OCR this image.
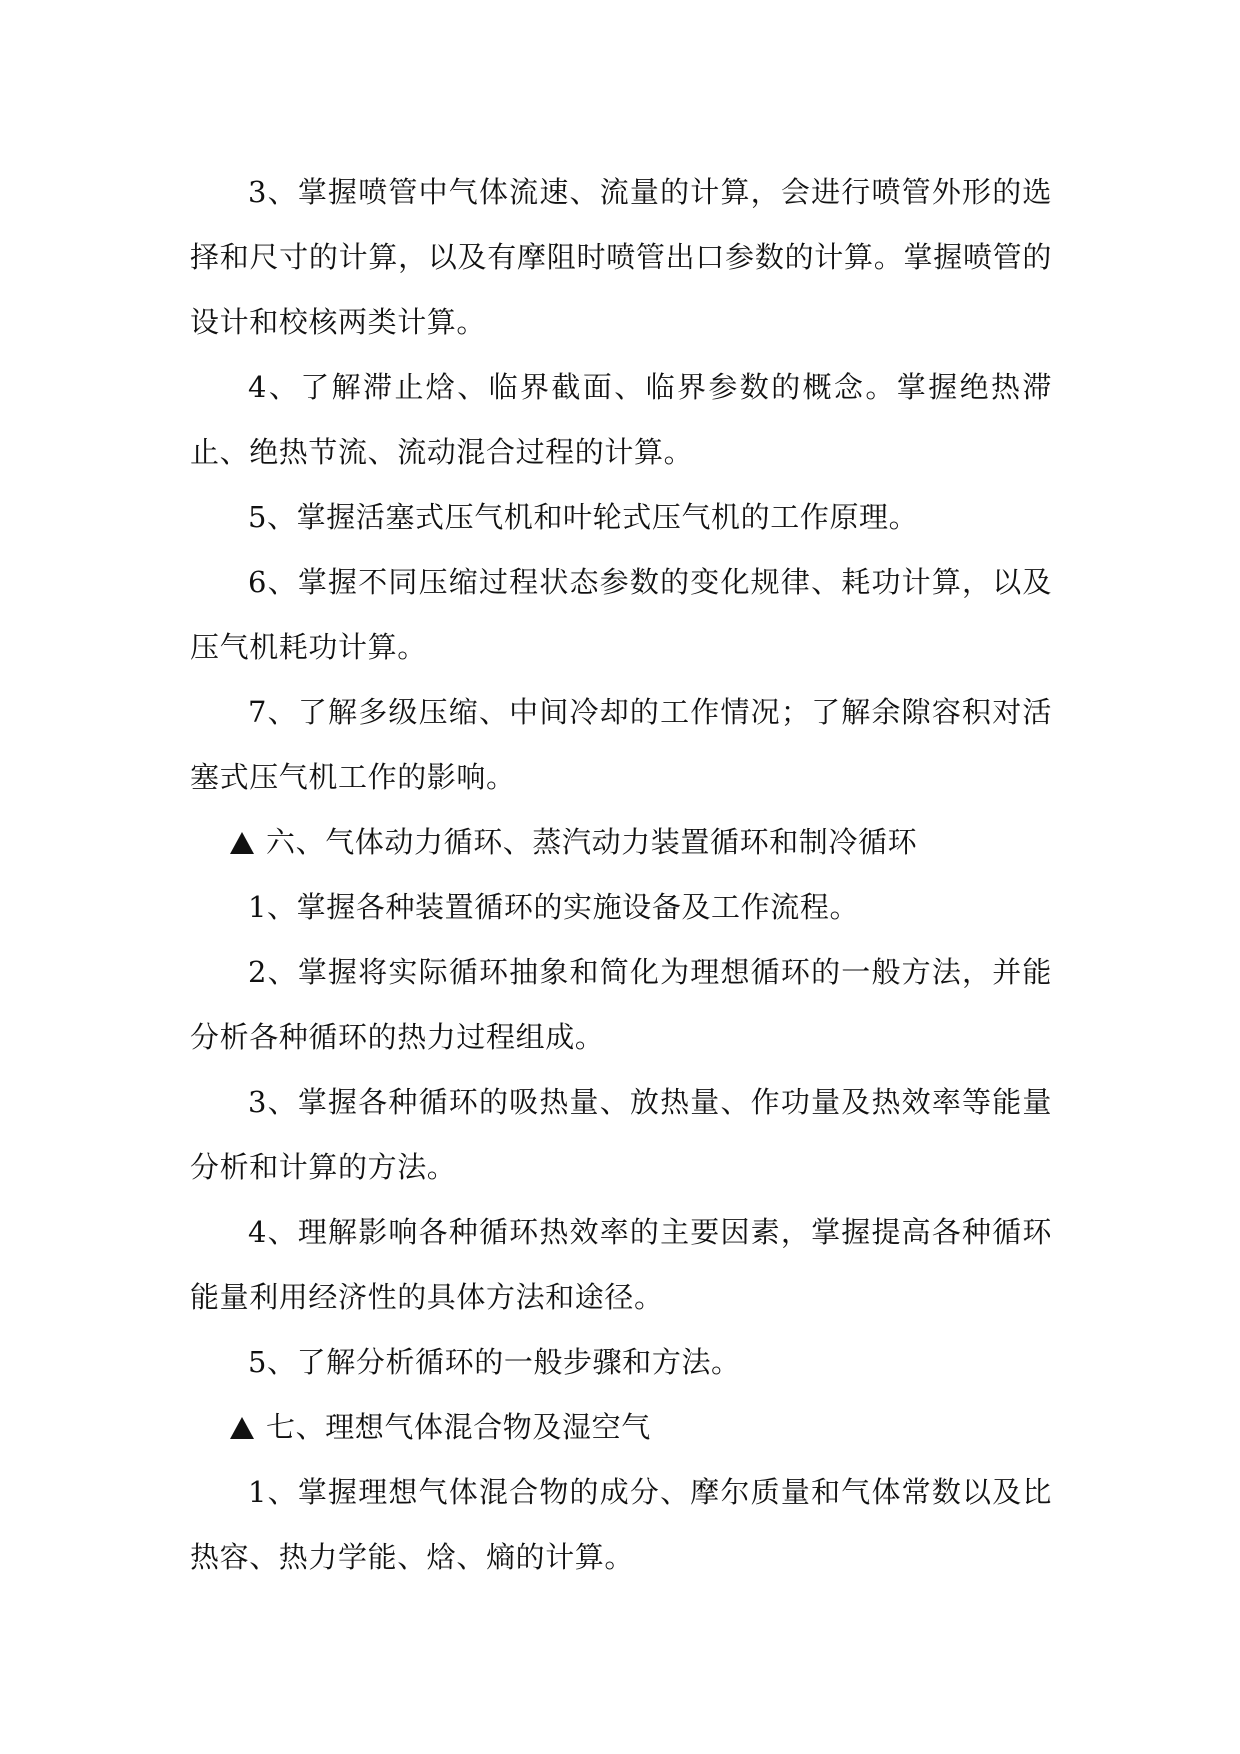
3、掌握喷管中气体流速、流量的计算，会进行喷管外形的选择和尺寸的计算，以及有摩阻时喷管出口参数的计算。掌握喷管的设计和校核两类计算。

4、了解滞止焓、临界截面、临界参数的概念。掌握绝热滞止、绝热节流、流动混合过程的计算。

5、掌握活塞式压气机和叶轮式压气机的工作原理。

6、掌握不同压缩过程状态参数的变化规律、耗功计算，以及压气机耗功计算。

7、了解多级压缩、中间冷却的工作情况；了解余隙容积对活塞式压气机工作的影响。

六、气体动力循环、蒸汽动力装置循环和制冷循环

1、掌握各种装置循环的实施设备及工作流程。

2、掌握将实际循环抽象和简化为理想循环的一般方法，并能分析各种循环的热力过程组成。

3、掌握各种循环的吸热量、放热量、作功量及热效率等能量分析和计算的方法。

4、理解影响各种循环热效率的主要因素，掌握提高各种循环能量利用经济性的具体方法和途径。

5、了解分析循环的一般步骤和方法。

七、理想气体混合物及湿空气

1、掌握理想气体混合物的成分、摩尔质量和气体常数以及比热容、热力学能、焓、熵的计算。
